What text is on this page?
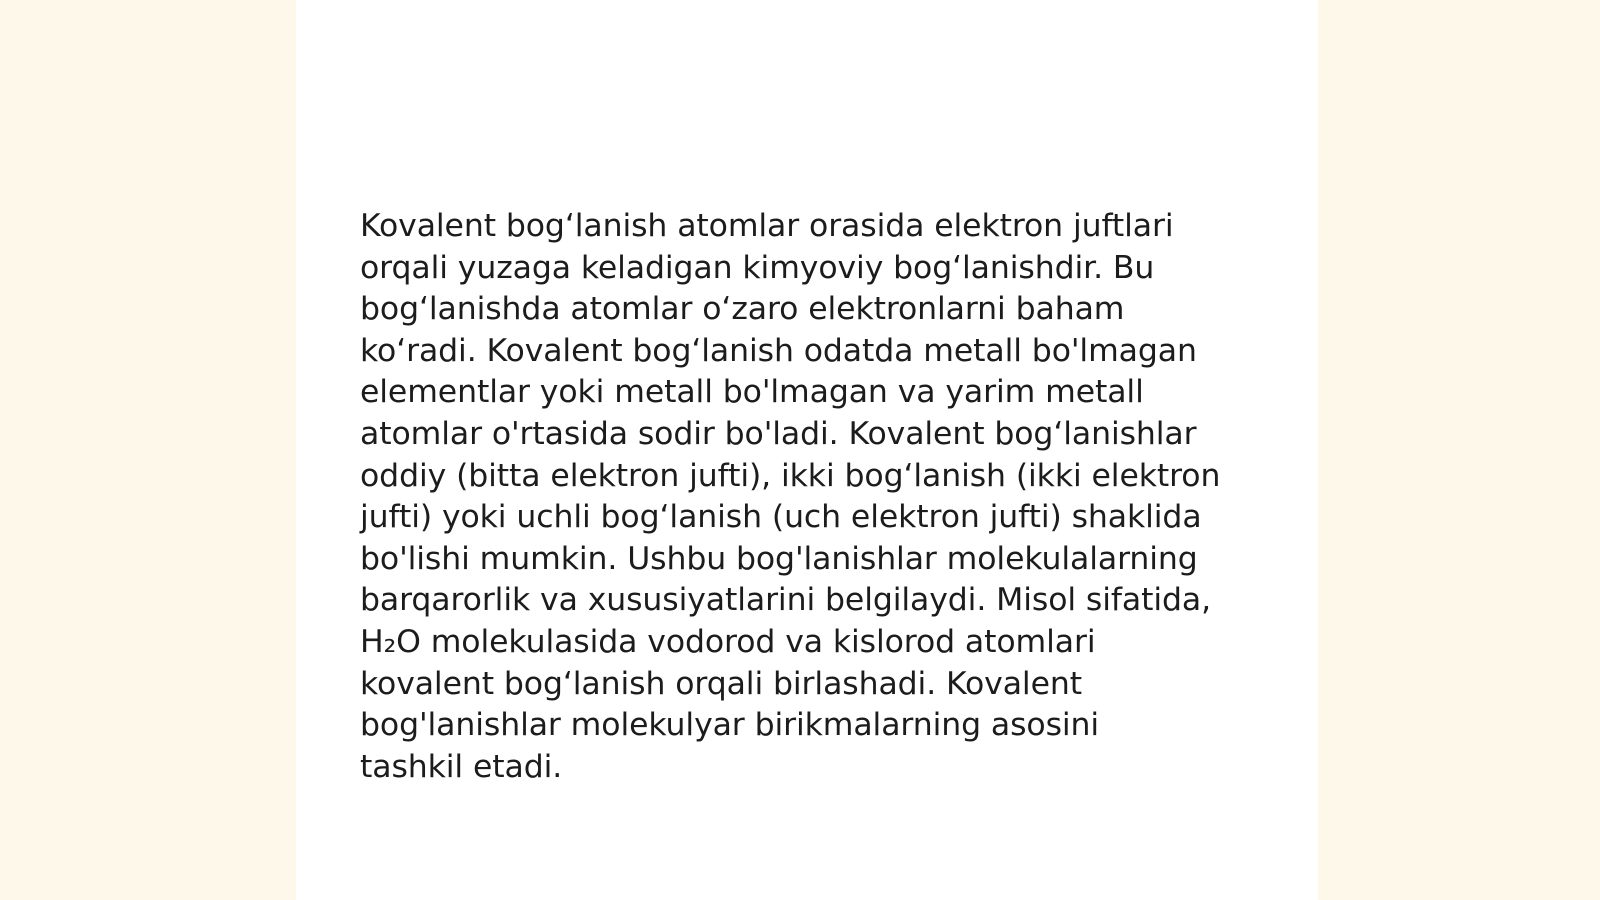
Kovalent bog‘lanish atomlar orasida elektron juftlari
orqali yuzaga keladigan kimyoviy bog‘lanishdir. Bu
bog‘lanishda atomlar o‘zaro elektronlarni baham
ko‘radi. Kovalent bog‘lanish odatda metall bo'lmagan
elementlar yoki metall bo'lmagan va yarim metall
atomlar o'rtasida sodir bo'ladi. Kovalent bog‘lanishlar
oddiy (bitta elektron jufti), ikki bog‘lanish (ikki elektron
jufti) yoki uchli bog‘lanish (uch elektron jufti) shaklida
bo'lishi mumkin. Ushbu bog'lanishlar molekulalarning
barqarorlik va xususiyatlarini belgilaydi. Misol sifatida,
H₂O molekulasida vodorod va kislorod atomlari
kovalent bog‘lanish orqali birlashadi. Kovalent
bog'lanishlar molekulyar birikmalarning asosini
tashkil etadi.
